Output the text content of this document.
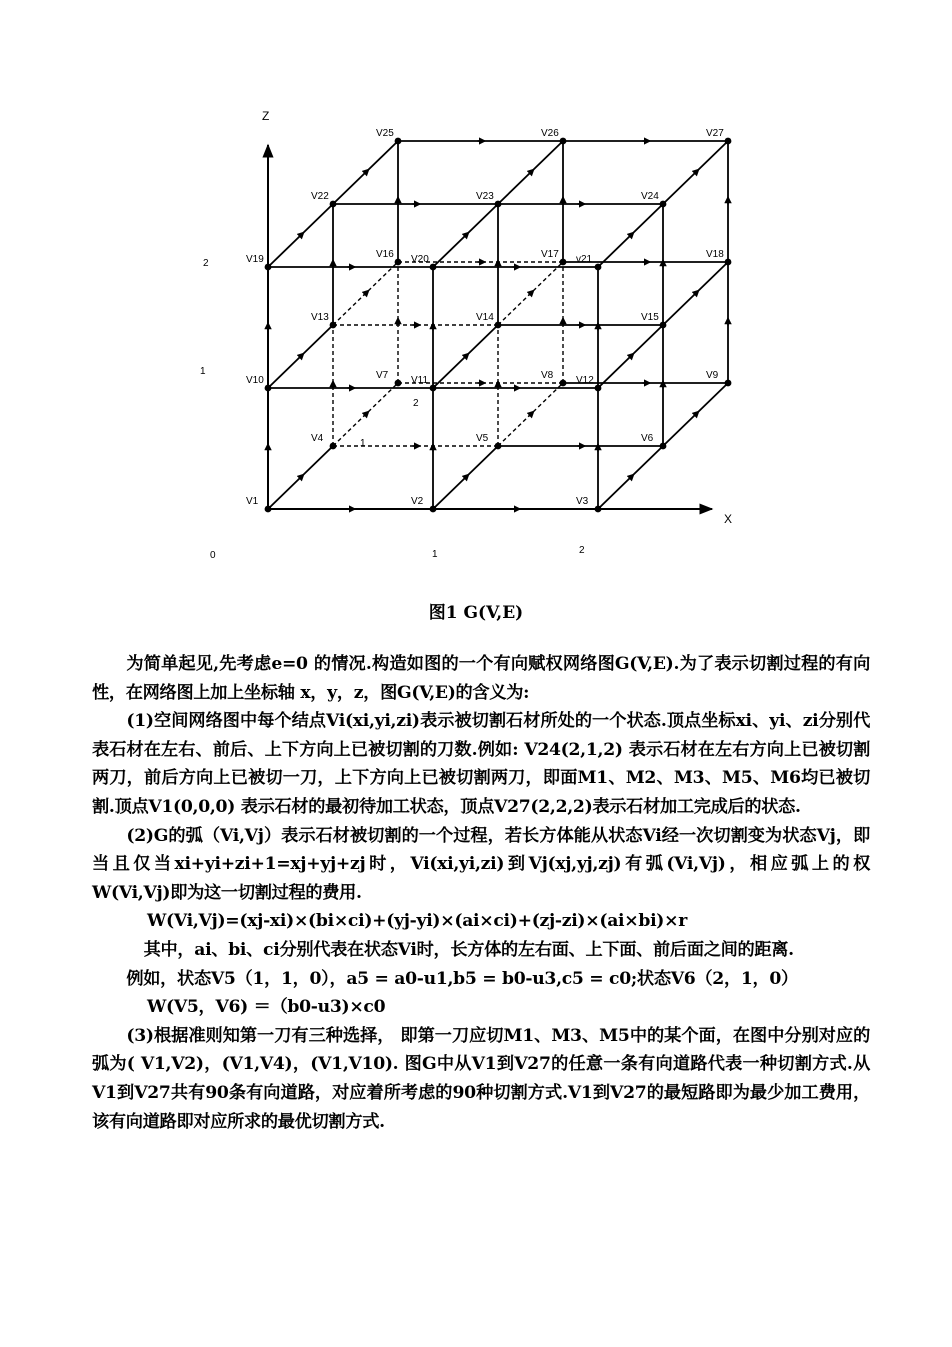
V1	V2	V3
V4	V5	V6
V7	V8	V9
V10	V11	V12
V13	V14	V15
V16	V17	V18
V19	V20	v21
V22	V23	V24
V25	V26	V27
Z
X
0	1	2
2
1
1
2
图1 G(V,E)

为简单起见,先考虑e=0 的情况.构造如图的一个有向赋权网络图G(V,E).为了表示切割过程的有向性，在网络图上加上坐标轴 x，y，z，图G(V,E)的含义为:

(1)空间网络图中每个结点Vi(xi,yi,zi)表示被切割石材所处的一个状态.顶点坐标xi、yi、zi分别代表石材在左右、前后、上下方向上已被切割的刀数.例如: V24(2,1,2) 表示石材在左右方向上已被切割两刀，前后方向上已被切一刀，上下方向上已被切割两刀，即面M1、M2、M3、M5、M6均已被切割.顶点V1(0,0,0) 表示石材的最初待加工状态，顶点V27(2,2,2)表示石材加工完成后的状态.

(2)G的弧（Vi,Vj）表示石材被切割的一个过程，若长方体能从状态Vi经一次切割变为状态Vj，即当且仅当xi+yi+zi+1=xj+yj+zj时，Vi(xi,yi,zi)到Vj(xj,yj,zj)有弧(Vi,Vj)，相应弧上的权W(Vi,Vj)即为这一切割过程的费用.

W(Vi,Vj)=(xj-xi)×(bi×ci)+(yj-yi)×(ai×ci)+(zj-zi)×(ai×bi)×r

其中，ai、bi、ci分别代表在状态Vi时，长方体的左右面、上下面、前后面之间的距离.

例如，状态V5（1，1，0），a5 = a0-u1,b5 = b0-u3,c5 = c0;状态V6（2，1，0）

W(V5，V6) ＝（b0-u3)×c0

(3)根据准则知第一刀有三种选择， 即第一刀应切M1、M3、M5中的某个面，在图中分别对应的弧为( V1,V2)，(V1,V4)，(V1,V10). 图G中从V1到V27的任意一条有向道路代表一种切割方式.从V1到V27共有90条有向道路，对应着所考虑的90种切割方式.V1到V27的最短路即为最少加工费用，该有向道路即对应所求的最优切割方式.
